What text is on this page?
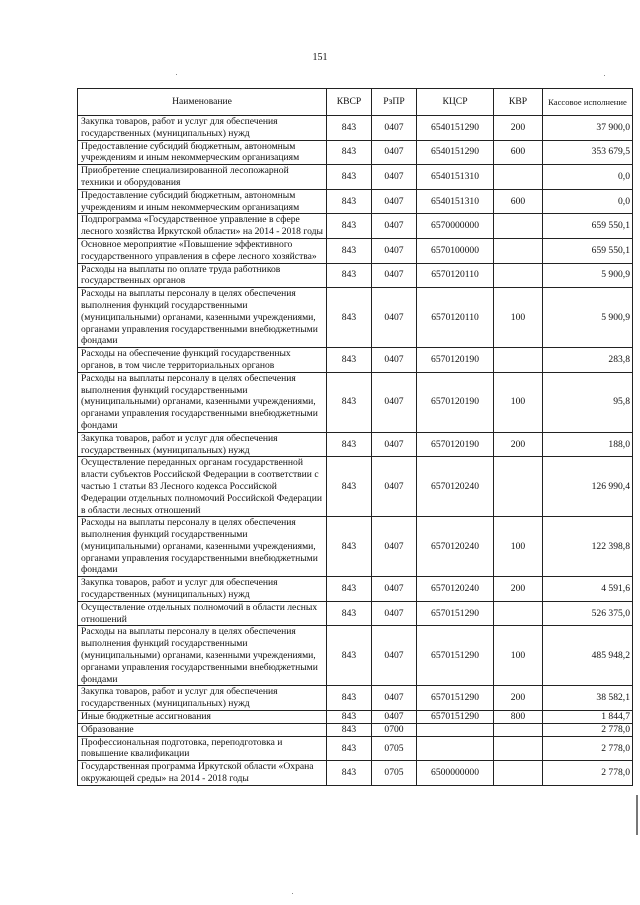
151
Наименование	КВСР	РзПР	КЦСР	КВР	Кассовое исполнение
Закупка товаров, работ и услуг для обеспечения государственных (муниципальных) нужд	843	0407	6540151290	200	37 900,0
Предоставление субсидий бюджетным, автономным учреждениям и иным некоммерческим организациям	843	0407	6540151290	600	353 679,5
Приобретение специализированной лесопожарной техники и оборудования	843	0407	6540151310		0,0
Предоставление субсидий бюджетным, автономным учреждениям и иным некоммерческим организациям	843	0407	6540151310	600	0,0
Подпрограмма «Государственное управление в сфере лесного хозяйства Иркутской области» на 2014 - 2018 годы	843	0407	6570000000		659 550,1
Основное мероприятие «Повышение эффективного государственного управления в сфере лесного хозяйства»	843	0407	6570100000		659 550,1
Расходы на выплаты по оплате труда работников государственных органов	843	0407	6570120110		5 900,9
Расходы на выплаты персоналу в целях обеспечения выполнения функций государственными (муниципальными) органами, казенными учреждениями, органами управления государственными внебюджетными фондами	843	0407	6570120110	100	5 900,9
Расходы на обеспечение функций государственных органов, в том числе территориальных органов	843	0407	6570120190		283,8
Расходы на выплаты персоналу в целях обеспечения выполнения функций государственными (муниципальными) органами, казенными учреждениями, органами управления государственными внебюджетными фондами	843	0407	6570120190	100	95,8
Закупка товаров, работ и услуг для обеспечения государственных (муниципальных) нужд	843	0407	6570120190	200	188,0
Осуществление переданных органам государственной власти субъектов Российской Федерации в соответствии с частью 1 статьи 83 Лесного кодекса Российской Федерации отдельных полномочий Российской Федерации в области лесных отношений	843	0407	6570120240		126 990,4
Расходы на выплаты персоналу в целях обеспечения выполнения функций государственными (муниципальными) органами, казенными учреждениями, органами управления государственными внебюджетными фондами	843	0407	6570120240	100	122 398,8
Закупка товаров, работ и услуг для обеспечения государственных (муниципальных) нужд	843	0407	6570120240	200	4 591,6
Осуществление отдельных полномочий в области лесных отношений	843	0407	6570151290		526 375,0
Расходы на выплаты персоналу в целях обеспечения выполнения функций государственными (муниципальными) органами, казенными учреждениями, органами управления государственными внебюджетными фондами	843	0407	6570151290	100	485 948,2
Закупка товаров, работ и услуг для обеспечения государственных (муниципальных) нужд	843	0407	6570151290	200	38 582,1
Иные бюджетные ассигнования	843	0407	6570151290	800	1 844,7
Образование	843	0700			2 778,0
Профессиональная подготовка, переподготовка и повышение квалификации	843	0705			2 778,0
Государственная программа Иркутской области «Охрана окружающей среды» на 2014 - 2018 годы	843	0705	6500000000		2 778,0
